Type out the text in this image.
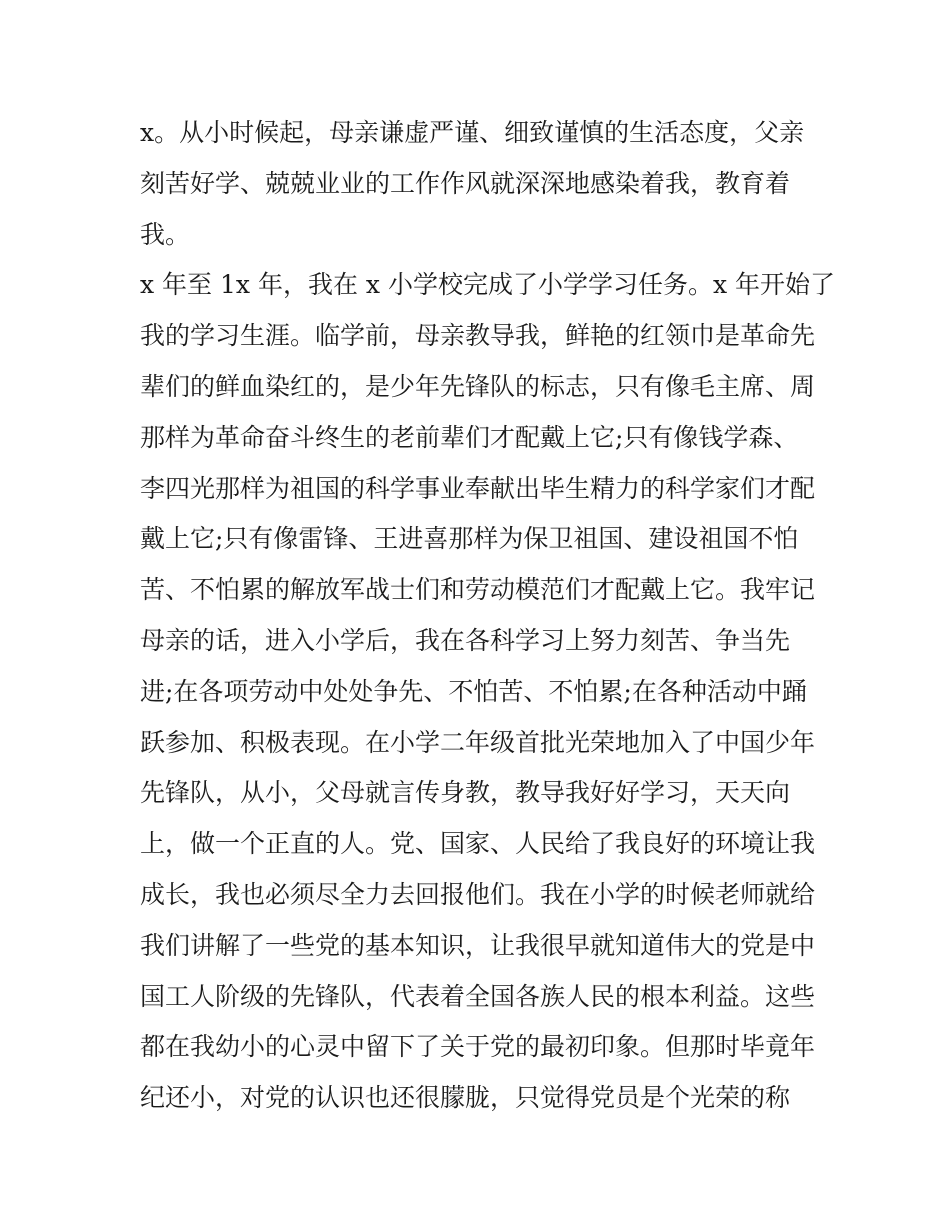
x。从小时候起，母亲谦虚严谨、细致谨慎的生活态度，父亲
刻苦好学、兢兢业业的工作作风就深深地感染着我，教育着
我。
x 年至 1x 年，我在 x 小学校完成了小学学习任务。x 年开始了
我的学习生涯。临学前，母亲教导我，鲜艳的红领巾是革命先
辈们的鲜血染红的，是少年先锋队的标志，只有像毛主席、周
那样为革命奋斗终生的老前辈们才配戴上它;只有像钱学森、
李四光那样为祖国的科学事业奉献出毕生精力的科学家们才配
戴上它;只有像雷锋、王进喜那样为保卫祖国、建设祖国不怕
苦、不怕累的解放军战士们和劳动模范们才配戴上它。我牢记
母亲的话，进入小学后，我在各科学习上努力刻苦、争当先
进;在各项劳动中处处争先、不怕苦、不怕累;在各种活动中踊
跃参加、积极表现。在小学二年级首批光荣地加入了中国少年
先锋队，从小，父母就言传身教，教导我好好学习，天天向
上，做一个正直的人。党、国家、人民给了我良好的环境让我
成长，我也必须尽全力去回报他们。我在小学的时候老师就给
我们讲解了一些党的基本知识，让我很早就知道伟大的党是中
国工人阶级的先锋队，代表着全国各族人民的根本利益。这些
都在我幼小的心灵中留下了关于党的最初印象。但那时毕竟年
纪还小，对党的认识也还很朦胧，只觉得党员是个光荣的称
